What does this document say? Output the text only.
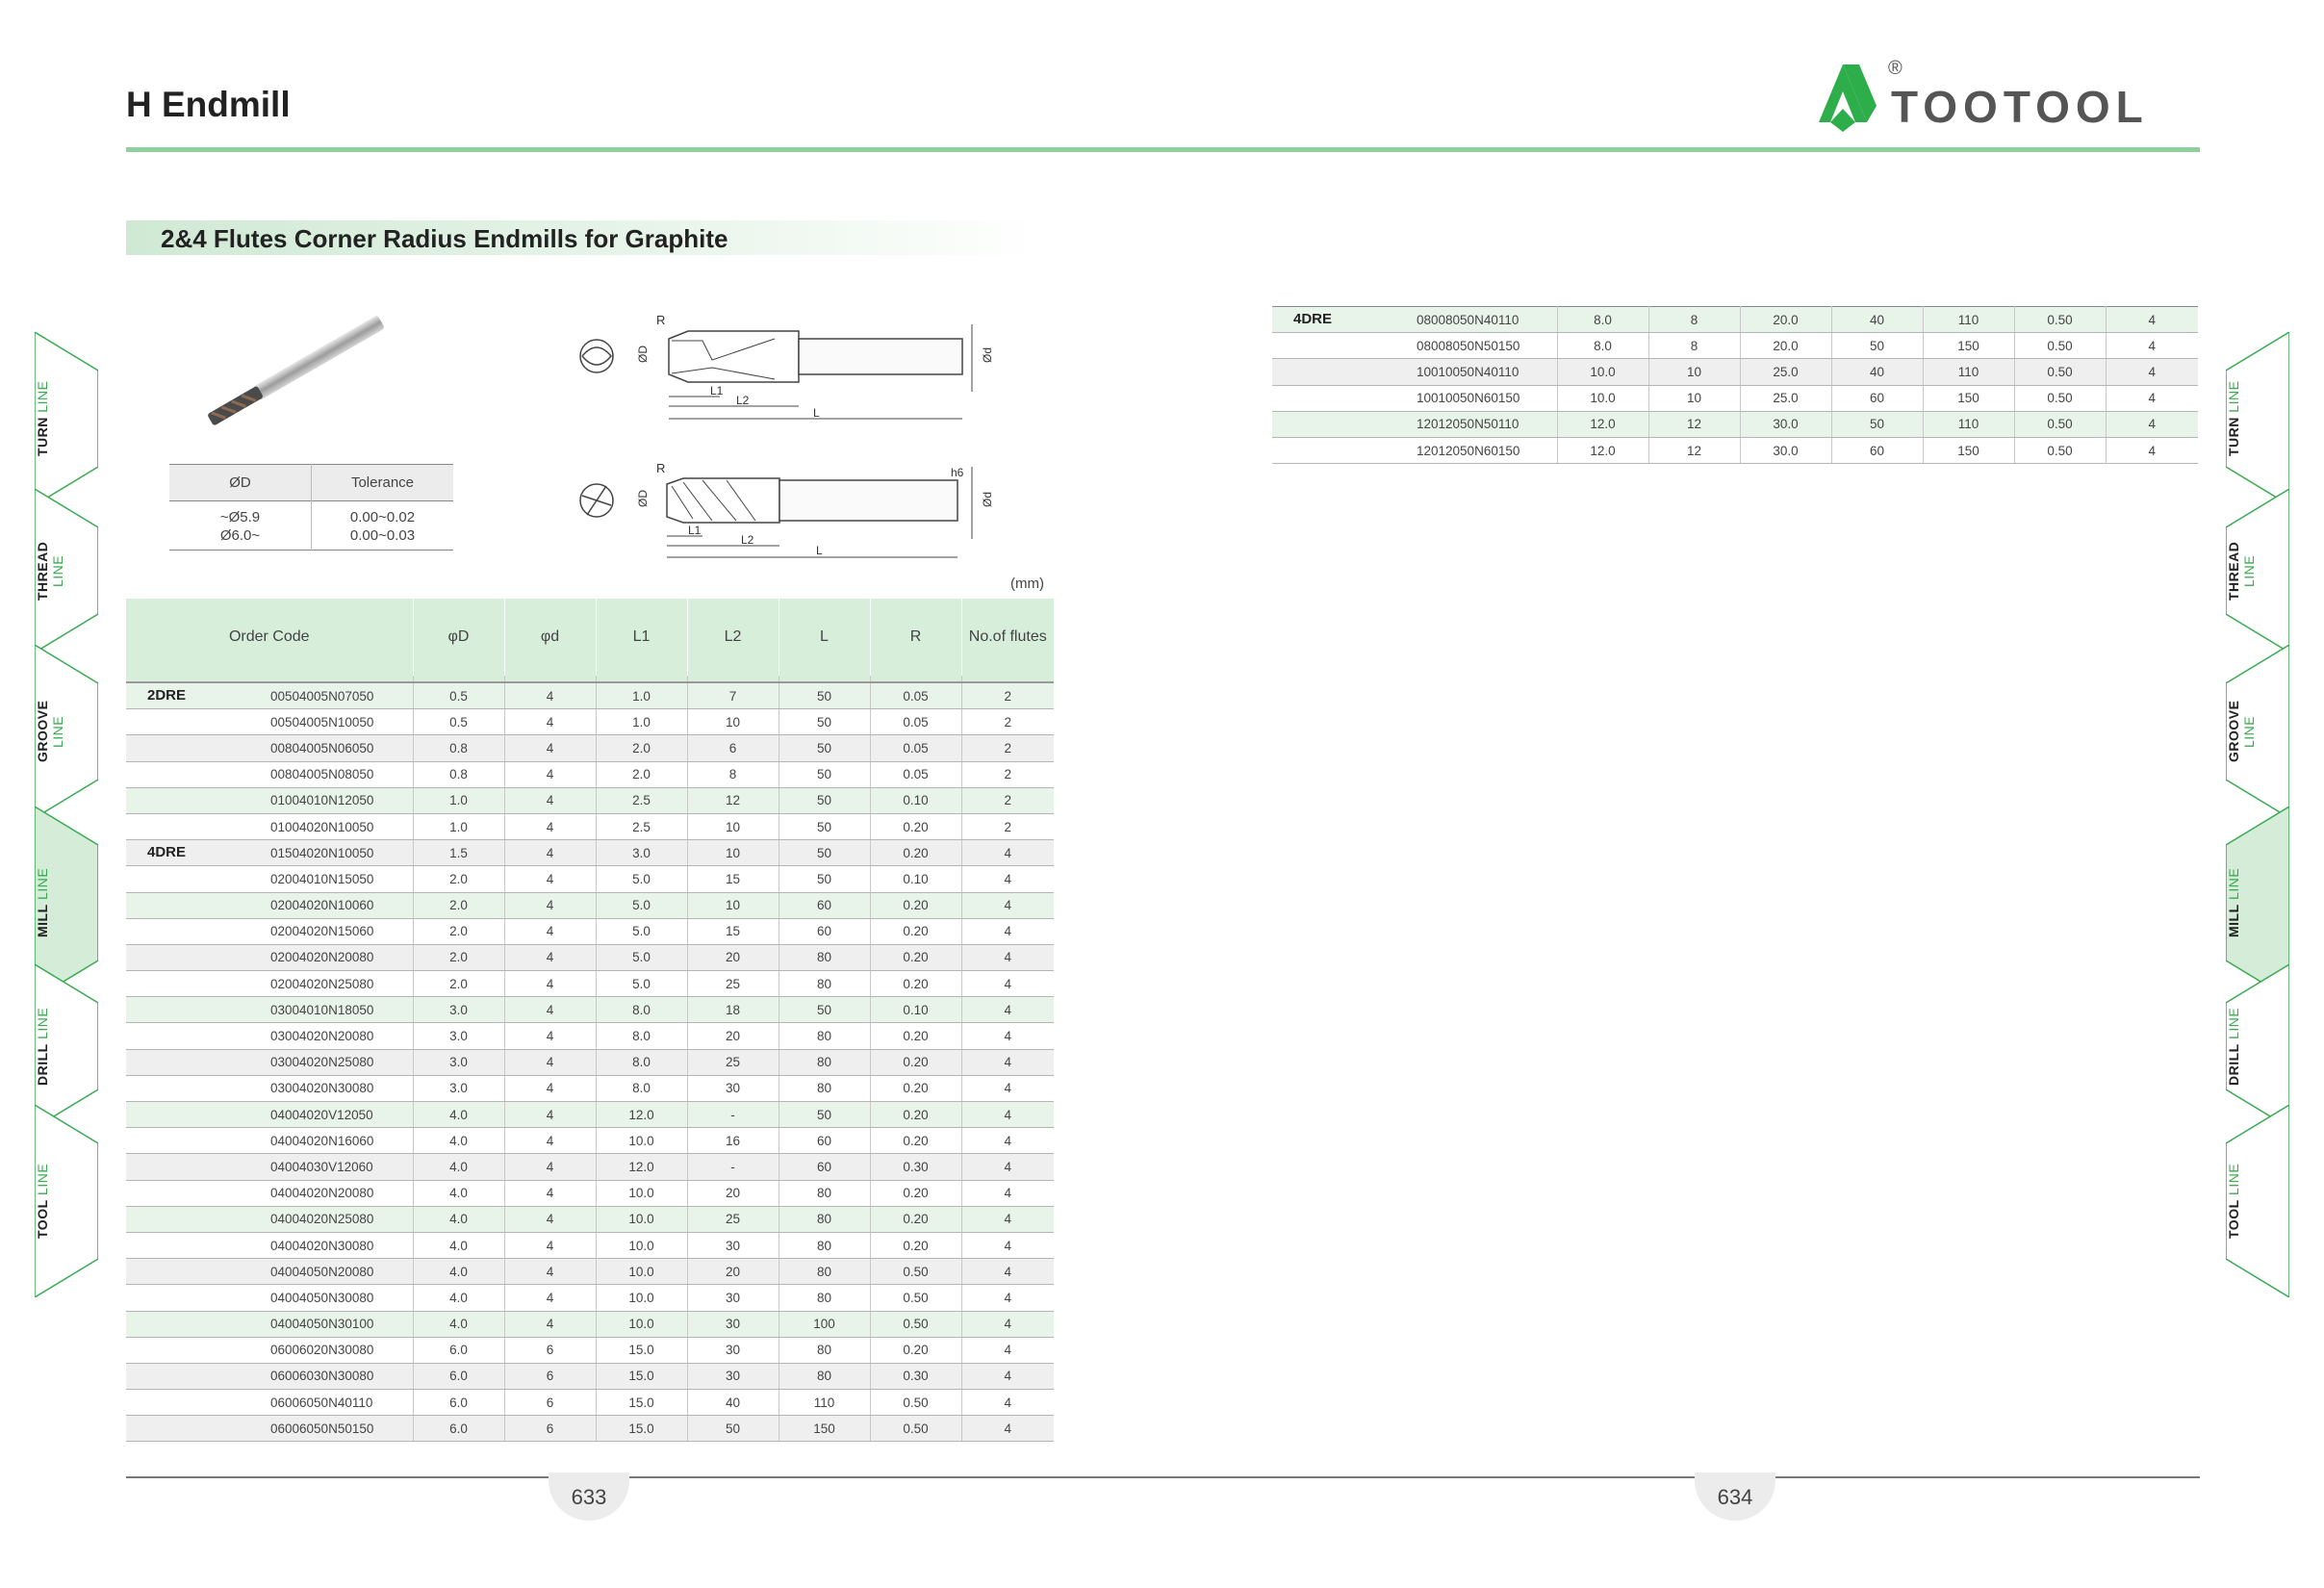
H Endmill	TOOTOOL
®
2&4 Flutes Corner Radius Endmills for Graphite
TURN LINE
THREAD LINE
GROOVE LINE
MILL LINE
DRILL LINE
TOOL LINE
TURN LINE
THREAD LINE
GROOVE LINE
MILL LINE
DRILL LINE
TOOL LINE
R
ØD	Ød
L1
L2
L
R	h6
ØD	Ød
L1
L2
L
ØD	Tolerance
~Ø5.9	0.00~0.02
Ø6.0~	0.00~0.03
(mm)
Order Code	φD	φd	L1	L2	L	R	No.of flutes

2DRE 00504005N07050	0.5	4	1.0	7	50	0.05	2
00504005N10050	0.5	4	1.0	10	50	0.05	2
00804005N06050	0.8	4	2.0	6	50	0.05	2
00804005N08050	0.8	4	2.0	8	50	0.05	2
01004010N12050	1.0	4	2.5	12	50	0.10	2
01004020N10050	1.0	4	2.5	10	50	0.20	2

4DRE 01504020N10050	1.5	4	3.0	10	50	0.20	4
02004010N15050	2.0	4	5.0	15	50	0.10	4
02004020N10060	2.0	4	5.0	10	60	0.20	4
02004020N15060	2.0	4	5.0	15	60	0.20	4
02004020N20080	2.0	4	5.0	20	80	0.20	4
02004020N25080	2.0	4	5.0	25	80	0.20	4
03004010N18050	3.0	4	8.0	18	50	0.10	4
03004020N20080	3.0	4	8.0	20	80	0.20	4
03004020N25080	3.0	4	8.0	25	80	0.20	4
03004020N30080	3.0	4	8.0	30	80	0.20	4
04004020V12050	4.0	4	12.0	-	50	0.20	4
04004020N16060	4.0	4	10.0	16	60	0.20	4
04004030V12060	4.0	4	12.0	-	60	0.30	4
04004020N20080	4.0	4	10.0	20	80	0.20	4
04004020N25080	4.0	4	10.0	25	80	0.20	4
04004020N30080	4.0	4	10.0	30	80	0.20	4
04004050N20080	4.0	4	10.0	20	80	0.50	4
04004050N30080	4.0	4	10.0	30	80	0.50	4
04004050N30100	4.0	4	10.0	30	100	0.50	4
06006020N30080	6.0	6	15.0	30	80	0.20	4
06006030N30080	6.0	6	15.0	30	80	0.30	4
06006050N40110	6.0	6	15.0	40	110	0.50	4
06006050N50150	6.0	6	15.0	50	150	0.50	4
4DRE 08008050N40110	8.0	8	20.0	40	110	0.50	4
08008050N50150	8.0	8	20.0	50	150	0.50	4
10010050N40110	10.0	10	25.0	40	110	0.50	4
10010050N60150	10.0	10	25.0	60	150	0.50	4
12012050N50110	12.0	12	30.0	50	110	0.50	4
12012050N60150	12.0	12	30.0	60	150	0.50	4
633	634
